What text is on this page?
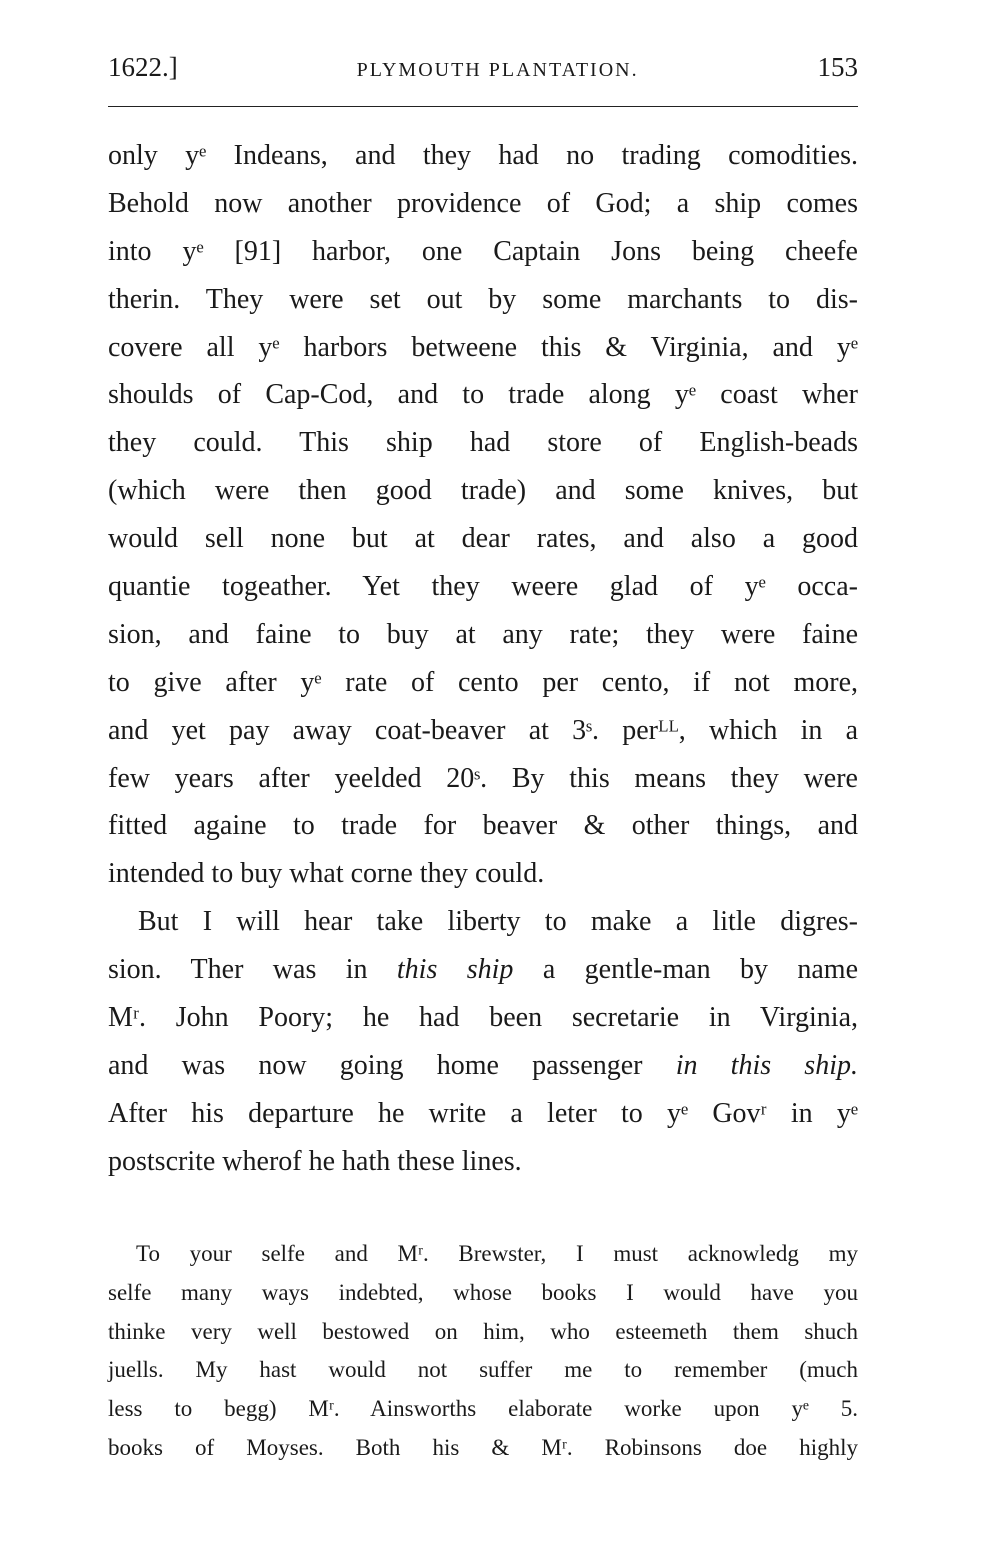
1622.]	PLYMOUTH PLANTATION.	153
only yᵉ Indeans, and they had no trading comodities.
Behold now another providence of God; a ship comes
into yᵉ [91] harbor, one Captain Jons being cheefe
therin. They were set out by some marchants to dis-
covere all yᵉ harbors betweene this & Virginia, and yᵉ
shoulds of Cap-Cod, and to trade along yᵉ coast wher
they could. This ship had store of English-beads
(which were then good trade) and some knives, but
would sell none but at dear rates, and also a good
quantie togeather. Yet they weere glad of yᵉ occa-
sion, and faine to buy at any rate; they were faine
to give after yᵉ rate of cento per cento, if not more,
and yet pay away coat-beaver at 3ˢ. perᴸᴸ, which in a
few years after yeelded 20ˢ. By this means they were
fitted againe to trade for beaver & other things, and
intended to buy what corne they could.
But I will hear take liberty to make a litle digres-
sion. Ther was in this ship a gentle-man by name
Mʳ. John Poory; he had been secretarie in Virginia,
and was now going home passenger in this ship.
After his departure he write a leter to yᵉ Govʳ in yᵉ
postscrite wherof he hath these lines.
To your selfe and Mʳ. Brewster, I must acknowledg my
selfe many ways indebted, whose books I would have you
thinke very well bestowed on him, who esteemeth them shuch
juells. My hast would not suffer me to remember (much
less to begg) Mʳ. Ainsworths elaborate worke upon yᵉ 5.
books of Moyses. Both his & Mʳ. Robinsons doe highly
